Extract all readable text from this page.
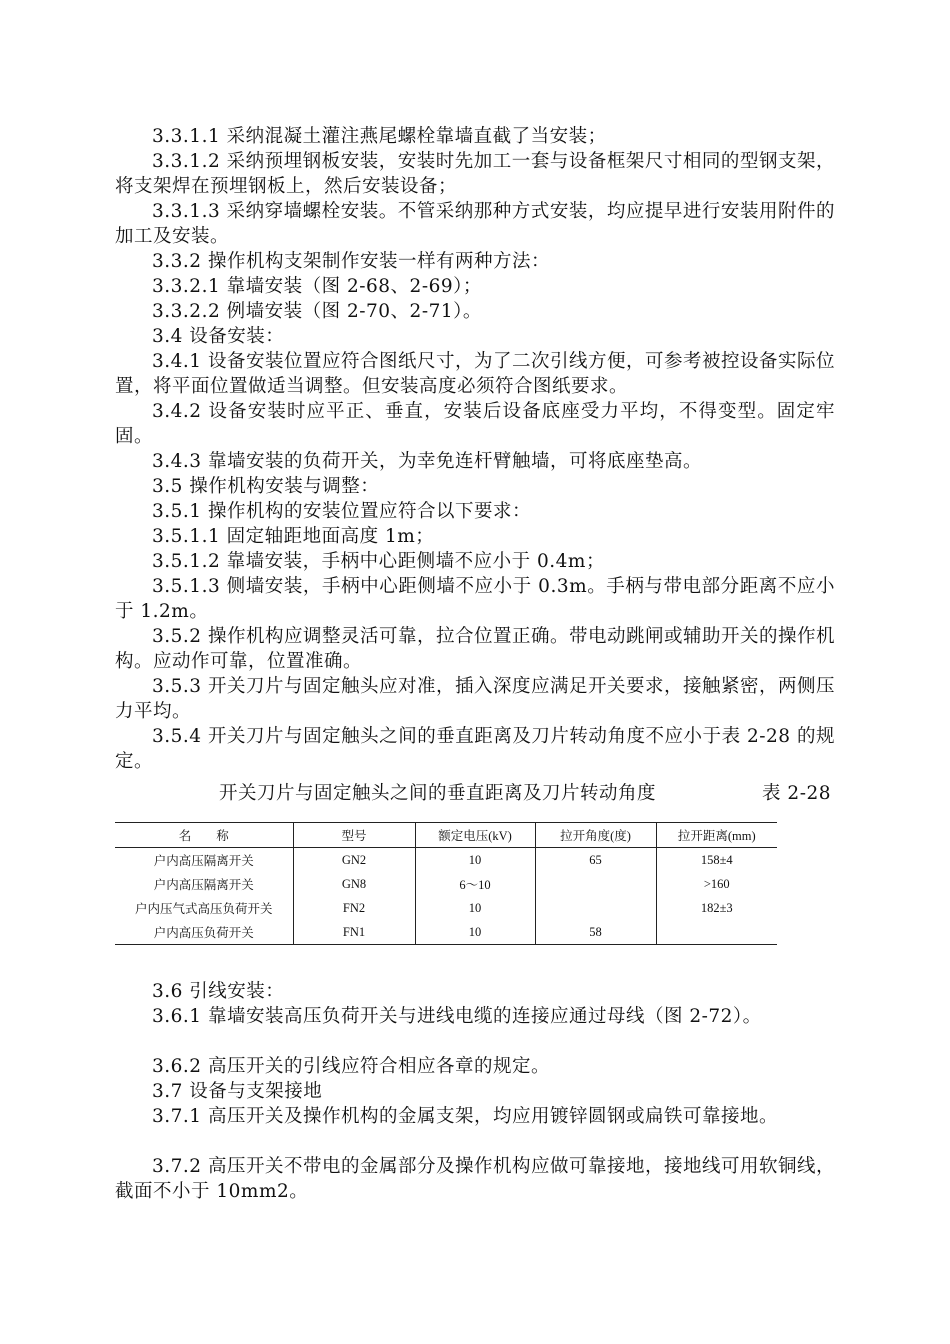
3.3.1.1 采纳混凝土灌注燕尾螺栓靠墙直截了当安装；

3.3.1.2 采纳预埋钢板安装，安装时先加工一套与设备框架尺寸相同的型钢支架，将支架焊在预埋钢板上，然后安装设备；

3.3.1.3 采纳穿墙螺栓安装。不管采纳那种方式安装，均应提早进行安装用附件的加工及安装。

3.3.2 操作机构支架制作安装一样有两种方法：

3.3.2.1 靠墙安装（图 2-68、2-69）；

3.3.2.2 例墙安装（图 2-70、2-71）。

3.4 设备安装：

3.4.1 设备安装位置应符合图纸尺寸，为了二次引线方便，可参考被控设备实际位置，将平面位置做适当调整。但安装高度必须符合图纸要求。

3.4.2 设备安装时应平正、垂直，安装后设备底座受力平均，不得变型。固定牢固。

3.4.3 靠墙安装的负荷开关，为幸免连杆臂触墙，可将底座垫高。

3.5 操作机构安装与调整：

3.5.1 操作机构的安装位置应符合以下要求：

3.5.1.1 固定轴距地面高度 1m；

3.5.1.2 靠墙安装，手柄中心距侧墙不应小于 0.4m；

3.5.1.3 侧墙安装，手柄中心距侧墙不应小于 0.3m。手柄与带电部分距离不应小于 1.2m。

3.5.2 操作机构应调整灵活可靠，拉合位置正确。带电动跳闸或辅助开关的操作机构。应动作可靠，位置准确。

3.5.3 开关刀片与固定触头应对准，插入深度应满足开关要求，接触紧密，两侧压力平均。

3.5.4 开关刀片与固定触头之间的垂直距离及刀片转动角度不应小于表 2-28 的规定。

开关刀片与固定触头之间的垂直距离及刀片转动角度	表 2-28
名　　称	型号	额定电压(kV)	拉开角度(度)	拉开距离(mm)
户内高压隔离开关	GN2	10	65	158±4
户内高压隔离开关	GN8	6～10		>160
户内压气式高压负荷开关	FN2	10		182±3
户内高压负荷开关	FN1	10	58	

3.6 引线安装：

3.6.1 靠墙安装高压负荷开关与进线电缆的连接应通过母线（图 2-72）。

3.6.2 高压开关的引线应符合相应各章的规定。

3.7 设备与支架接地

3.7.1 高压开关及操作机构的金属支架，均应用镀锌圆钢或扁铁可靠接地。

3.7.2 高压开关不带电的金属部分及操作机构应做可靠接地，接地线可用软铜线，截面不小于 10mm2。
